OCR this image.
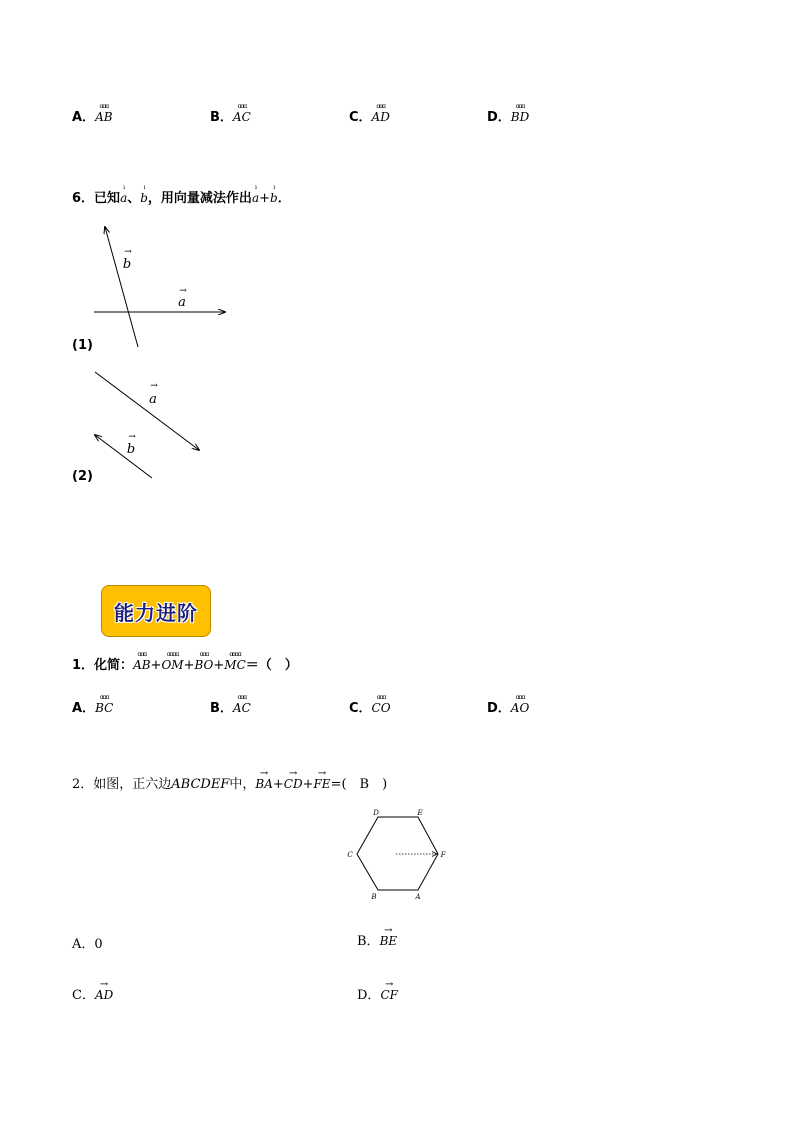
A．
ɑɑɑ
AB	B．
ɑɑɑ
AC	C．
ɑɑɑ
AD	D．
ɑɑɑ
BD
6．已知
ı
a、
ı
b，用向量减法作出
ı
a+
ı
b．
→
b
→
a
(1)
→
a
→
b
(2)
能力进阶
1．化简：
ɑɑɑ
AB+
ɑɑɑɑ
OM+
ɑɑɑ
BO+
ɑɑɑɑ
MC＝（　）
A．
ɑɑɑ
BC	B．
ɑɑɑ
AC	C．
ɑɑɑ
CO	D．
ɑɑɑ
AO
2．如图，正六边ABCDEF中，
→
BA+
→
CD+
→
FE=(　B　)
D	E
C	F
B	A
A．0	B．
→
BE
C．
→
AD	D．
→
CF
